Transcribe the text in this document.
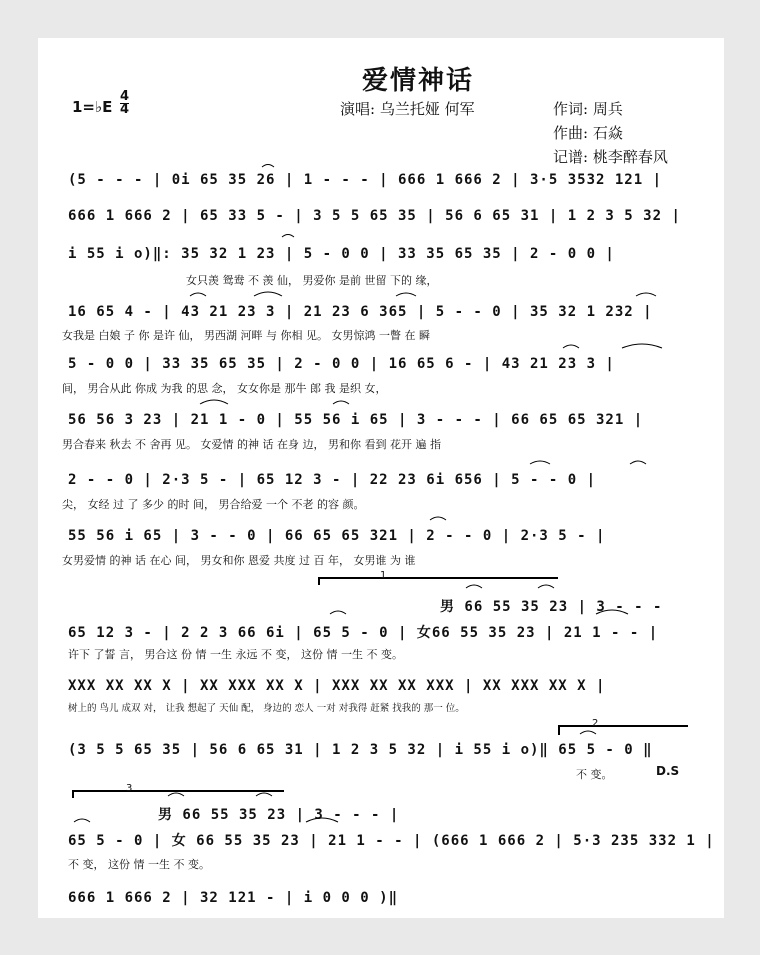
爱情神话
1=♭E $\frac{4}{4}$	演唱: 乌兰托娅 何军	作词: 周兵
作曲: 石焱
记谱: 桃李醉春风
(5 - - - | 0i 65 35 26 | 1 - - - | 666 1 666 2 | 3·5 3532 121 |
666 1 666 2 | 65 33 5 - | 3 5 5 65 35 | 56 6 65 31 | 1 2 3 5 32 |
i 55 i o)‖: 35 32 1 23 | 5 - 0 0 | 33 35 65 35 | 2 - 0 0 |
女只羡 鸳鸯 不 羡 仙， 男爱你 是前 世留 下的 缘，
16 65 4 - | 43 21 23 3 | 21 23 6 365 | 5 - - 0 | 35 32 1 232 |
女我是 白娘 子 你 是许 仙， 男西湖 河畔 与 你相 见。 女男惊鸿 一瞥 在 瞬
5 - 0 0 | 33 35 65 35 | 2 - 0 0 | 16 65 6 - | 43 21 23 3 |
间， 男合从此 你成 为我 的思 念， 女女你是 那牛 郎 我 是织 女，
56 56 3 23 | 21 1 - 0 | 55 56 i 65 | 3 - - - | 66 65 65 321 |
男合春来 秋去 不 舍再 见。 女爱情 的神 话 在身 边， 男和你 看到 花开 遍 指
2 - - 0 | 2·3 5 - | 65 12 3 - | 22 23 6i 656 | 5 - - 0 |
尖， 女经 过 了 多少 的时 间， 男合给爱 一个 不老 的容 颜。
55 56 i 65 | 3 - - 0 | 66 65 65 321 | 2 - - 0 | 2·3 5 - |
女男爱情 的神 话 在心 间， 男女和你 恩爱 共度 过 百 年， 女男谁 为 谁
1
男 66 55 35 23 | 3 - - -
65 12 3 - | 2 2 3 66 6i | 65 5 - 0 | 女66 55 35 23 | 21 1 - - |
许下 了誓 言， 男合这 份 情 一生 永远 不 变， 这份 情 一生 不 变。
XXX XX XX X | XX XXX XX X | XXX XX XX XXX | XX XXX XX X |
树上的 鸟儿 成双 对， 让我 想起了 天仙 配， 身边的 恋人 一对 对我得 赶紧 找我的 那一 位。
2
(3 5 5 65 35 | 56 6 65 31 | 1 2 3 5 32 | i 55 i o)‖ 65 5 - 0 ‖
不 变。	D.S
3
男 66 55 35 23 | 3 - - - |
65 5 - 0 | 女 66 55 35 23 | 21 1 - - | (666 1 666 2 | 5·3 235 332 1 |
不 变， 这份 情 一生 不 变。
666 1 666 2 | 32 121 - | i 0 0 0 )‖
